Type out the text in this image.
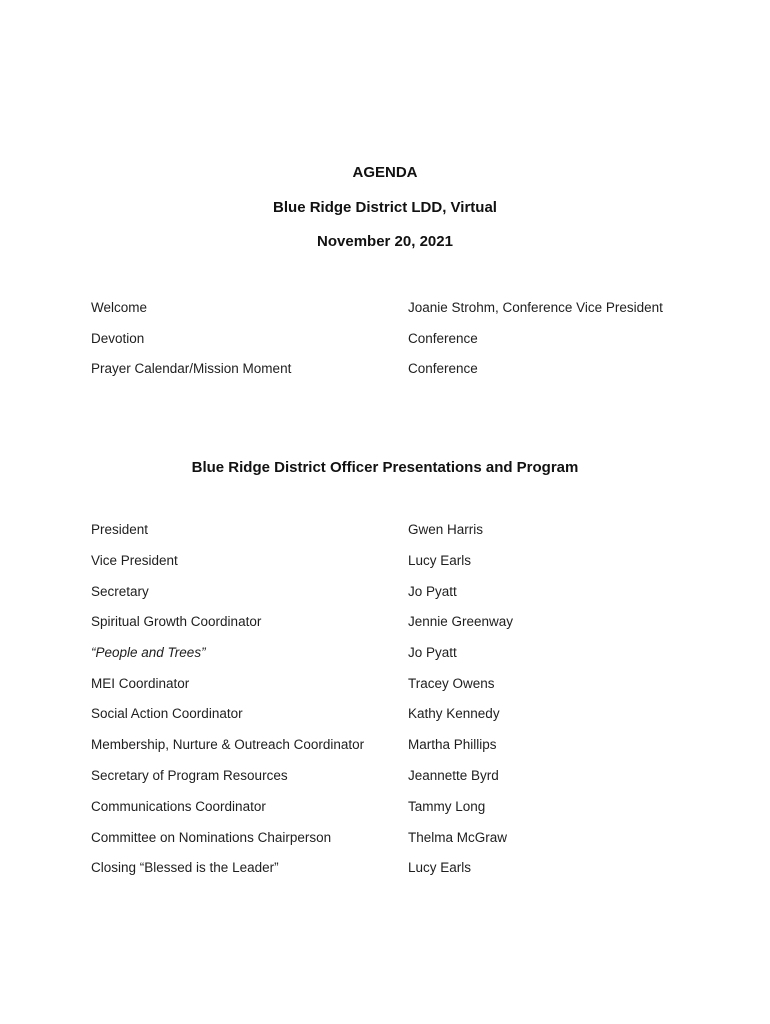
AGENDA
Blue Ridge District LDD, Virtual
November 20, 2021
Welcome	Joanie Strohm, Conference Vice President
Devotion	Conference
Prayer Calendar/Mission Moment	Conference
Blue Ridge District Officer Presentations and Program
President	Gwen Harris
Vice President	Lucy Earls
Secretary	Jo Pyatt
Spiritual Growth Coordinator	Jennie Greenway
“People and Trees”	Jo Pyatt
MEI Coordinator	Tracey Owens
Social Action Coordinator	Kathy Kennedy
Membership, Nurture & Outreach Coordinator	Martha Phillips
Secretary of Program Resources	Jeannette Byrd
Communications Coordinator	Tammy Long
Committee on Nominations Chairperson	Thelma McGraw
Closing “Blessed is the Leader”	Lucy Earls
